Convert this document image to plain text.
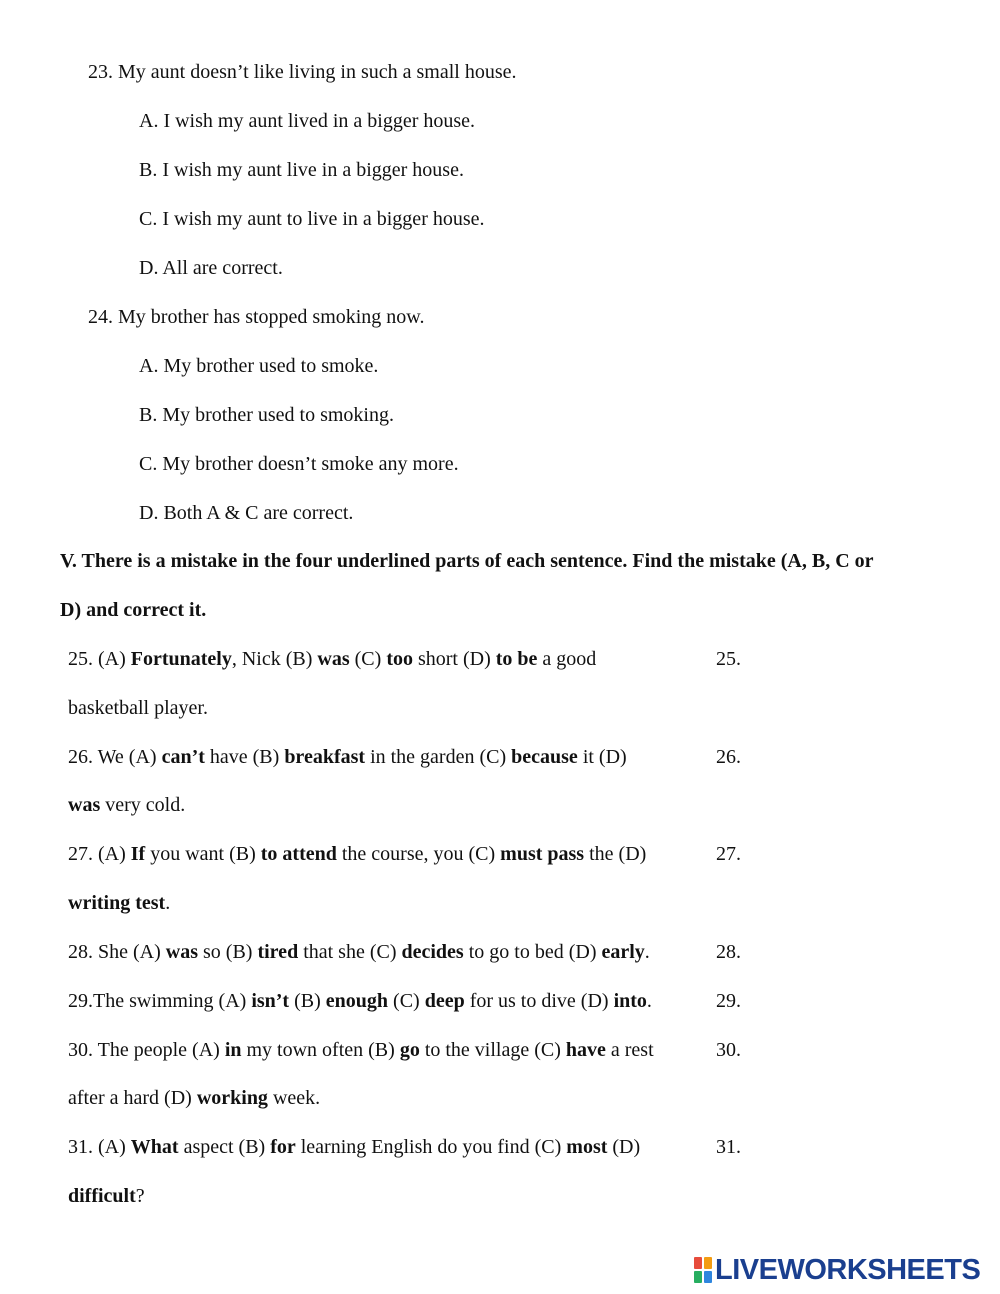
23. My aunt doesn’t like living in such a small house.
A. I wish my aunt lived in a bigger house.
B. I wish my aunt live in a bigger house.
C. I wish my aunt to live in a bigger house.
D. All are correct.
24. My brother has stopped smoking now.
A. My brother used to smoke.
B. My brother used to smoking.
C. My brother doesn’t smoke any more.
D. Both A & C are correct.
V. There is a mistake in the four underlined parts of each sentence. Find the mistake (A, B, C or
D) and correct it.
25. (A) Fortunately, Nick (B) was (C) too short (D) to be a good	25.
basketball player.
26. We (A) can’t have (B) breakfast in the garden (C) because it (D)	26.
was very cold.
27. (A) If you want (B) to attend the course, you (C) must pass the (D)	27.
writing test.
28. She (A) was so (B) tired that she (C) decides to go to bed (D) early.	28.
29.The swimming (A) isn’t (B) enough (C) deep for us to dive (D) into.	29.
30. The people (A) in my town often (B) go to the village (C) have a rest	30.
after a hard (D) working week.
31. (A) What aspect (B) for learning English do you find (C) most (D)	31.
difficult?
LIVEWORKSHEETS
